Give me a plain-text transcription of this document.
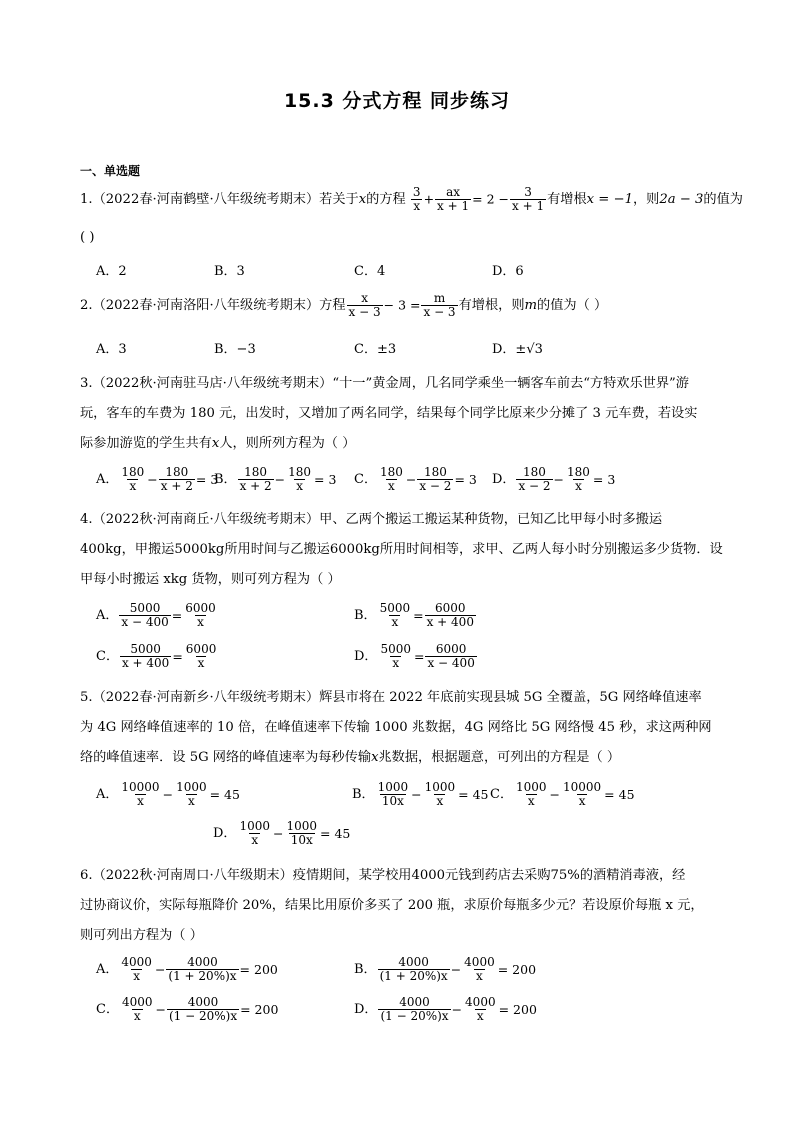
15.3 分式方程 同步练习
一、单选题
1.（2022春·河南鹤壁·八年级统考期末）若关于x的方程 $\frac{3}{x} + \frac{ax}{x + 1} = 2 - \frac{3}{x + 1}$ 有增根x = −1，则2a − 3的值为
( )
A．2	B．3	C．4	D．6
2.（2022春·河南洛阳·八年级统考期末）方程 $\frac{x}{x - 3} - 3 = \frac{m}{x - 3}$ 有增根，则m的值为（ ）
A．3	B．−3	C．±3	D．±√3
3.（2022秋·河南驻马店·八年级统考期末）“十一”黄金周，几名同学乘坐一辆客车前去“方特欢乐世界”游
玩，客车的车费为 180 元，出发时，又增加了两名同学，结果每个同学比原来少分摊了 3 元车费，若设实
际参加游览的学生共有x人，则所列方程为（ ）
A． $\frac{180}{x} - \frac{180}{x + 2} = 3$
B． $\frac{180}{x + 2} - \frac{180}{x} = 3$ C． $\frac{180}{x} - \frac{180}{x - 2} = 3$ D． $\frac{180}{x - 2} - \frac{180}{x} = 3$
4.（2022秋·河南商丘·八年级统考期末）甲、乙两个搬运工搬运某种货物，已知乙比甲每小时多搬运
400kg，甲搬运5000kg所用时间与乙搬运6000kg所用时间相等，求甲、乙两人每小时分别搬运多少货物．设
甲每小时搬运 xkg 货物，则可列方程为（ ）
A． $\frac{5000}{x - 400} = \frac{6000}{x}$	B． $\frac{5000}{x} = \frac{6000}{x + 400}$
C． $\frac{5000}{x + 400} = \frac{6000}{x}$	D． $\frac{5000}{x} = \frac{6000}{x - 400}$
5.（2022春·河南新乡·八年级统考期末）辉县市将在 2022 年底前实现县城 5G 全覆盖，5G 网络峰值速率
为 4G 网络峰值速率的 10 倍，在峰值速率下传输 1000 兆数据，4G 网络比 5G 网络慢 45 秒，求这两种网
络的峰值速率．设 5G 网络的峰值速率为每秒传输x兆数据，根据题意，可列出的方程是（ ）
A． $\frac{10000}{x} - \frac{1000}{x} = 45$	B． $\frac{1000}{10x} - \frac{1000}{x} = 45$ C． $\frac{1000}{x} - \frac{10000}{x} = 45$
D． $\frac{1000}{x} - \frac{1000}{10x} = 45$
6.（2022秋·河南周口·八年级期末）疫情期间，某学校用4000元钱到药店去采购75%的酒精消毒液，经
过协商议价，实际每瓶降价 20%，结果比用原价多买了 200 瓶，求原价每瓶多少元？若设原价每瓶 x 元，
则可列出方程为（ ）
A． $\frac{4000}{x} - \frac{4000}{(1 + 20\%)x} = 200$	B． $\frac{4000}{(1 + 20\%)x} - \frac{4000}{x} = 200$
C． $\frac{4000}{x} - \frac{4000}{(1 - 20\%)x} = 200$	D． $\frac{4000}{(1 - 20\%)x} - \frac{4000}{x} = 200$
